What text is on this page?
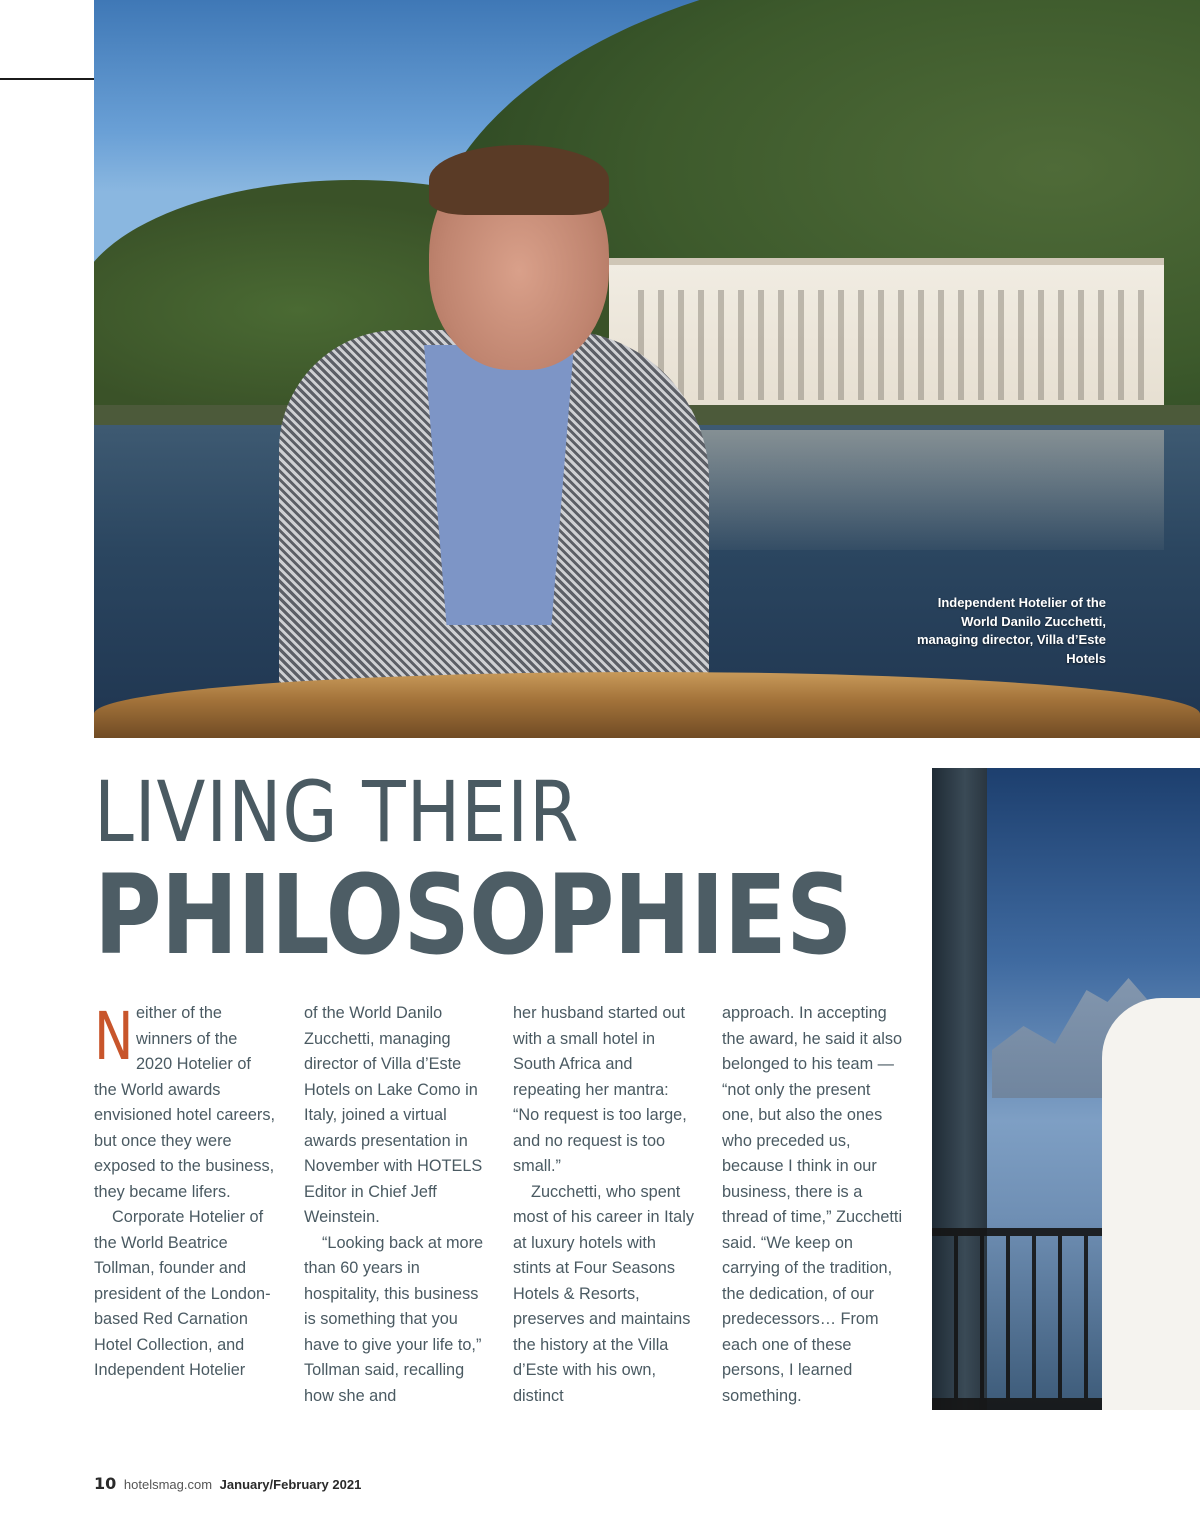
Independent Hotelier of the World Danilo Zucchetti, managing director, Villa d’Este Hotels
LIVING THEIR
PHILOSOPHIES

Neither of the winners of the 2020 Hotelier of the World awards envisioned hotel careers, but once they were exposed to the business, they became lifers.

Corporate Hotelier of the World Beatrice Tollman, founder and president of the London-based Red Carnation Hotel Collection, and Independent Hotelier

of the World Danilo Zucchetti, managing director of Villa d’Este Hotels on Lake Como in Italy, joined a virtual awards presentation in November with HOTELS Editor in Chief Jeff Weinstein.

“Looking back at more than 60 years in hospitality, this business is something that you have to give your life to,” Tollman said, recalling how she and

her husband started out with a small hotel in South Africa and repeating her mantra: “No request is too large, and no request is too small.”

Zucchetti, who spent most of his career in Italy at luxury hotels with stints at Four Seasons Hotels & Resorts, preserves and maintains the history at the Villa d’Este with his own, distinct

approach. In accepting the award, he said it also belonged to his team — “not only the present one, but also the ones who preceded us, because I think in our business, there is a thread of time,” Zucchetti said. “We keep on carrying of the tradition, the dedication, of our predecessors… From each one of these persons, I learned something.

10 hotelsmag.com January/February 2021
